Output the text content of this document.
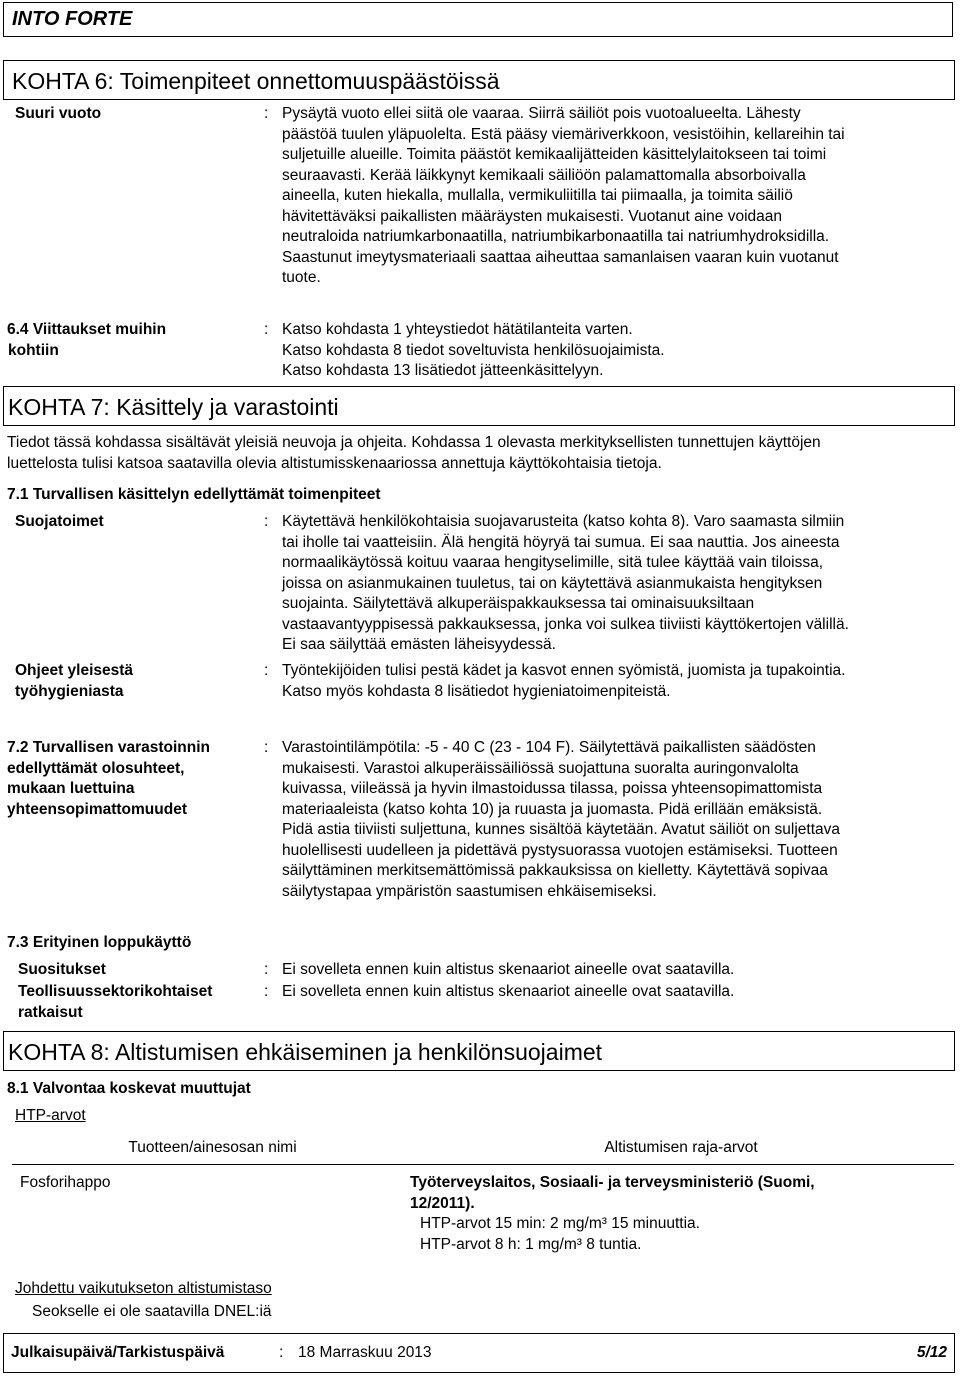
INTO FORTE
KOHTA 6: Toimenpiteet onnettomuuspäästöissä
Suuri vuoto	: Pysäytä vuoto ellei siitä ole vaaraa. Siirrä säiliöt pois vuotoalueelta. Lähesty

päästöä tuulen yläpuolelta. Estä pääsy viemäriverkkoon, vesistöihin, kellareihin tai

suljetuille alueille. Toimita päästöt kemikaalijätteiden käsittelylaitokseen tai toimi

seuraavasti. Kerää läikkynyt kemikaali säiliöön palamattomalla absorboivalla

aineella, kuten hiekalla, mullalla, vermikuliitilla tai piimaalla, ja toimita säiliö

hävitettäväksi paikallisten määräysten mukaisesti. Vuotanut aine voidaan

neutraloida natriumkarbonaatilla, natriumbikarbonaatilla tai natriumhydroksidilla.

Saastunut imeytysmateriaali saattaa aiheuttaa samanlaisen vaaran kuin vuotanut

tuote.

6.4 Viittaukset muihin

kohtiin

: Katso kohdasta 1 yhteystiedot hätätilanteita varten.

Katso kohdasta 8 tiedot soveltuvista henkilösuojaimista.

Katso kohdasta 13 lisätiedot jätteenkäsittelyyn.

KOHTA 7: Käsittely ja varastointi

Tiedot tässä kohdassa sisältävät yleisiä neuvoja ja ohjeita. Kohdassa 1 olevasta merkityksellisten tunnettujen käyttöjen

luettelosta tulisi katsoa saatavilla olevia altistumisskenaariossa annettuja käyttökohtaisia tietoja.

7.1 Turvallisen käsittelyn edellyttämät toimenpiteet
Suojatoimet	: Käytettävä henkilökohtaisia suojavarusteita (katso kohta 8). Varo saamasta silmiin

tai iholle tai vaatteisiin. Älä hengitä höyryä tai sumua. Ei saa nauttia. Jos aineesta

normaalikäytössä koituu vaaraa hengityselimille, sitä tulee käyttää vain tiloissa,

joissa on asianmukainen tuuletus, tai on käytettävä asianmukaista hengityksen

suojainta. Säilytettävä alkuperäispakkauksessa tai ominaisuuksiltaan

vastaavantyyppisessä pakkauksessa, jonka voi sulkea tiiviisti käyttökertojen välillä.

Ei saa säilyttää emästen läheisyydessä.

Ohjeet yleisestä

työhygieniasta

: Työntekijöiden tulisi pestä kädet ja kasvot ennen syömistä, juomista ja tupakointia.

Katso myös kohdasta 8 lisätiedot hygieniatoimenpiteistä.

7.2 Turvallisen varastoinnin

edellyttämät olosuhteet,

mukaan luettuina

yhteensopimattomuudet

: Varastointilämpötila: -5 - 40 C (23 - 104 F). Säilytettävä paikallisten säädösten

mukaisesti. Varastoi alkuperäissäiliössä suojattuna suoralta auringonvalolta

kuivassa, viileässä ja hyvin ilmastoidussa tilassa, poissa yhteensopimattomista

materiaaleista (katso kohta 10) ja ruuasta ja juomasta. Pidä erillään emäksistä.

Pidä astia tiiviisti suljettuna, kunnes sisältöä käytetään. Avatut säiliöt on suljettava

huolellisesti uudelleen ja pidettävä pystysuorassa vuotojen estämiseksi. Tuotteen

säilyttäminen merkitsemättömissä pakkauksissa on kielletty. Käytettävä sopivaa

säilytystapaa ympäristön saastumisen ehkäisemiseksi.

7.3 Erityinen loppukäyttö
Suositukset	: Ei sovelleta ennen kuin altistus skenaariot aineelle ovat saatavilla.

Teollisuussektorikohtaiset

ratkaisut

: Ei sovelleta ennen kuin altistus skenaariot aineelle ovat saatavilla.
KOHTA 8: Altistumisen ehkäiseminen ja henkilönsuojaimet
8.1 Valvontaa koskevat muuttujat
HTP-arvot
Tuotteen/ainesosan nimi	Altistumisen raja-arvot
Fosforihappo	Työterveyslaitos, Sosiaali- ja terveysministeriö (Suomi,

12/2011).

HTP-arvot 15 min: 2 mg/m³ 15 minuuttia.

HTP-arvot 8 h: 1 mg/m³ 8 tuntia.

Johdettu vaikutukseton altistumistaso
Seokselle ei ole saatavilla DNEL:iä
Julkaisupäivä/Tarkistuspäivä	: 18 Marraskuu 2013	5/12
